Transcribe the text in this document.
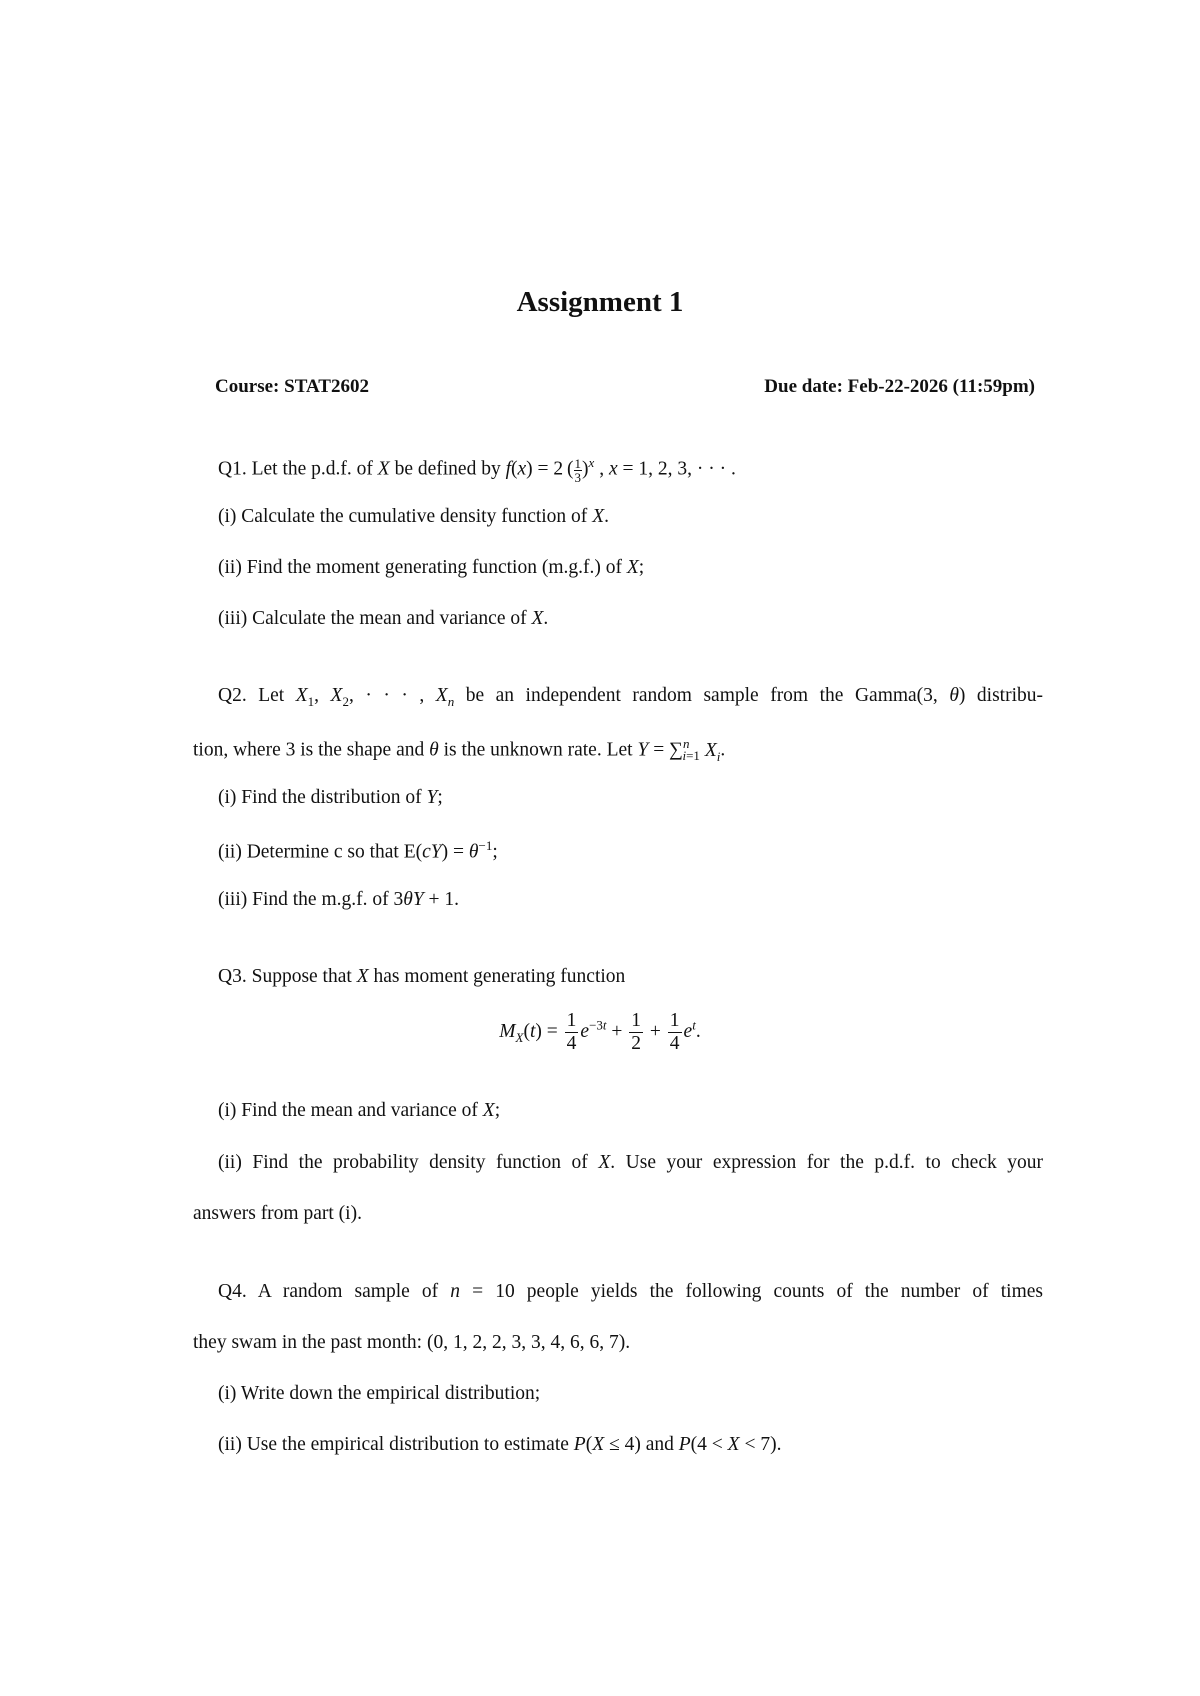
Assignment 1
Course: STAT2602	Due date: Feb-22-2026 (11:59pm)
Q1. Let the p.d.f. of X be defined by f(x) = 2 ( $\frac{1}{3} )^x$ , x = 1, 2, 3, · · · .
(i) Calculate the cumulative density function of X.
(ii) Find the moment generating function (m.g.f.) of X;
(iii) Calculate the mean and variance of X.
Q2. Let $X_1$, $X_2$, · · · , $X_n$ be an independent random sample from the Gamma(3, θ) distribu-
tion, where 3 is the shape and θ is the unknown rate. Let Y = ∑$^n_{i=1}$ $X_i$.
(i) Find the distribution of Y;
(ii) Determine c so that $E(cY) = \theta^{-1}$;
(iii) Find the m.g.f. of 3θY + 1.
Q3. Suppose that X has moment generating function
$M_X(t) = \frac{1}{4} e^{-3t} + \frac{1}{2} + \frac{1}{4} e^t$.
(i) Find the mean and variance of X;
(ii) Find the probability density function of X. Use your expression for the p.d.f. to check your
answers from part (i).
Q4. A random sample of n = 10 people yields the following counts of the number of times
they swam in the past month: (0, 1, 2, 2, 3, 3, 4, 6, 6, 7).
(i) Write down the empirical distribution;
(ii) Use the empirical distribution to estimate P(X ≤ 4) and P(4 < X < 7).
